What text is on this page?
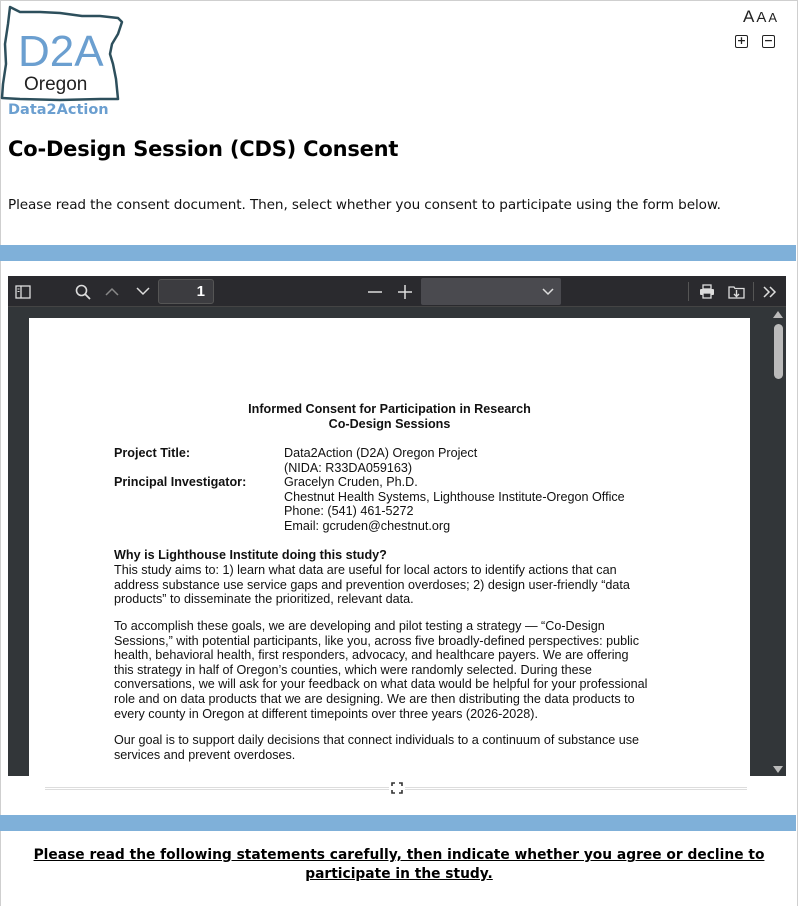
D2A
Oregon
Data2Action
A A A
+ −
Co-Design Session (CDS) Consent

Please read the consent document. Then, select whether you consent to participate using the form below.

1
Informed Consent for Participation in Research
Co-Design Sessions
Project Title:	Data2Action (D2A) Oregon Project
(NIDA: R33DA059163)
Principal Investigator:	Gracelyn Cruden, Ph.D.
Chestnut Health Systems, Lighthouse Institute-Oregon Office
Phone: (541) 461-5272
Email: gcruden@chestnut.org
Why is Lighthouse Institute doing this study?
This study aims to: 1) learn what data are useful for local actors to identify actions that can
address substance use service gaps and prevention overdoses; 2) design user-friendly “data
products” to disseminate the prioritized, relevant data.
To accomplish these goals, we are developing and pilot testing a strategy — “Co-Design
Sessions,” with potential participants, like you, across five broadly-defined perspectives: public
health, behavioral health, first responders, advocacy, and healthcare payers. We are offering
this strategy in half of Oregon’s counties, which were randomly selected. During these
conversations, we will ask for your feedback on what data would be helpful for your professional
role and on data products that we are designing. We are then distributing the data products to
every county in Oregon at different timepoints over three years (2026-2028).
Our goal is to support daily decisions that connect individuals to a continuum of substance use
services and prevent overdoses.

Please read the following statements carefully, then indicate whether you agree or decline to participate in the study.
